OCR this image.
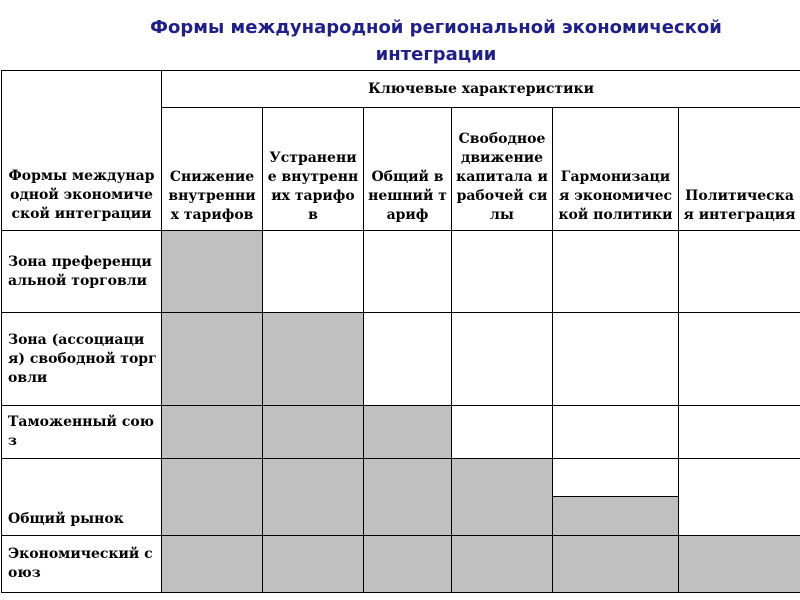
Формы международной региональной экономической
интеграции
Формы международной экономической интеграции	Ключевые характеристики					
	Снижение внутренних тарифов	Устранение внутренних тарифов	Общий внешний тариф	Свободное движение капитала и рабочей силы	Гармонизация экономической политики	Политическая интеграция
Зона преференциальной торговли						
Зона (ассоциация) свободной торговли						
Таможенный союз						
Общий рынок						

Экономический союз						
